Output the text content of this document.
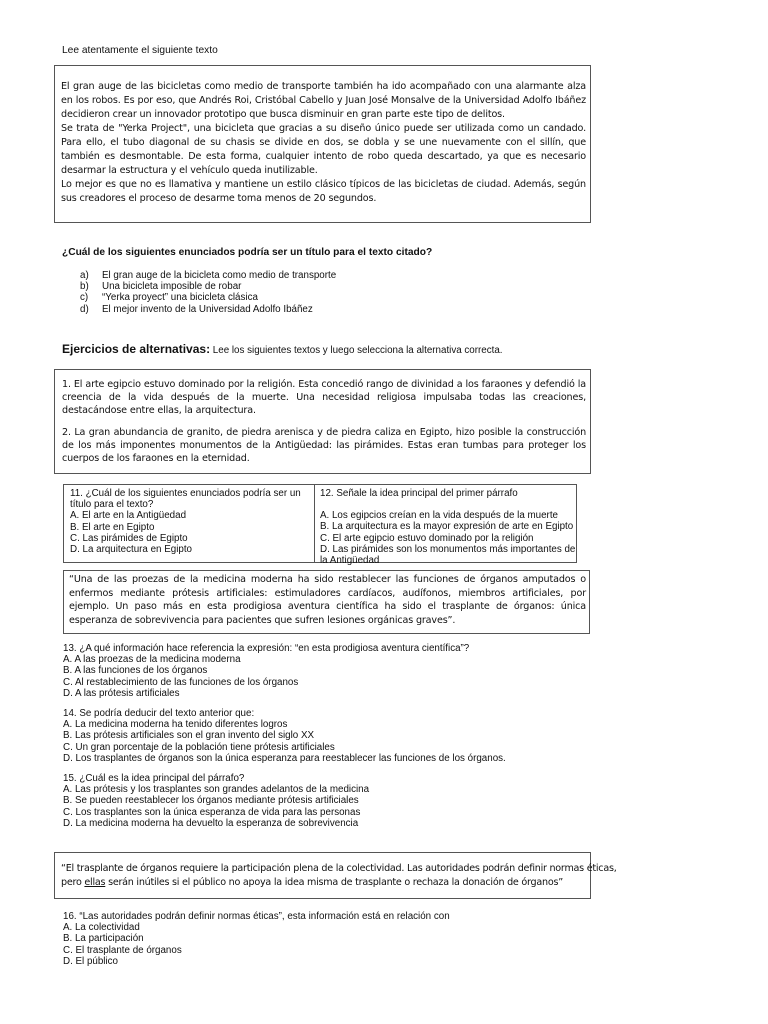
Lee atentamente el siguiente texto

El gran auge de las bicicletas como medio de transporte también ha ido acompañado con una alarmante alza en los robos. Es por eso, que Andrés Roi, Cristóbal Cabello y Juan José Monsalve de la Universidad Adolfo Ibáñez decidieron crear un innovador prototipo que busca disminuir en gran parte este tipo de delitos.

Se trata de "Yerka Project", una bicicleta que gracias a su diseño único puede ser utilizada como un candado. Para ello, el tubo diagonal de su chasis se divide en dos, se dobla y se une nuevamente con el sillín, que también es desmontable. De esta forma, cualquier intento de robo queda descartado, ya que es necesario desarmar la estructura y el vehículo queda inutilizable.

Lo mejor es que no es llamativa y mantiene un estilo clásico típicos de las bicicletas de ciudad. Además, según sus creadores el proceso de desarme toma menos de 20 segundos.

¿Cuál de los siguientes enunciados podría ser un título para el texto citado?
a)	El gran auge de la bicicleta como medio de transporte
b)	Una bicicleta imposible de robar
c)	“Yerka proyect” una bicicleta clásica
d)	El mejor invento de la Universidad Adolfo Ibáñez
Ejercicios de alternativas: Lee los siguientes textos y luego selecciona la alternativa correcta.

1. El arte egipcio estuvo dominado por la religión. Esta concedió rango de divinidad a los faraones y defendió la creencia de la vida después de la muerte. Una necesidad religiosa impulsaba todas las creaciones, destacándose entre ellas, la arquitectura.

2. La gran abundancia de granito, de piedra arenisca y de piedra caliza en Egipto, hizo posible la construcción de los más imponentes monumentos de la Antigüedad: las pirámides. Estas eran tumbas para proteger los cuerpos de los faraones en la eternidad.

11. ¿Cuál de los siguientes enunciados podría ser un
título para el texto?
A. El arte en la Antigüedad
B. El arte en Egipto
C. Las pirámides de Egipto
D. La arquitectura en Egipto
12. Señale la idea principal del primer párrafo
A. Los egipcios creían en la vida después de la muerte
B. La arquitectura es la mayor expresión de arte en Egipto
C. El arte egipcio estuvo dominado por la religión
D. Las pirámides son los monumentos más importantes de
la Antigüedad

“Una de las proezas de la medicina moderna ha sido restablecer las funciones de órganos amputados o enfermos mediante prótesis artificiales: estimuladores cardíacos, audífonos, miembros artificiales, por ejemplo. Un paso más en esta prodigiosa aventura científica ha sido el trasplante de órganos: única esperanza de sobrevivencia para pacientes que sufren lesiones orgánicas graves”.

13. ¿A qué información hace referencia la expresión: “en esta prodigiosa aventura científica”?
A. A las proezas de la medicina moderna
B. A las funciones de los órganos
C. Al restablecimiento de las funciones de los órganos
D. A las prótesis artificiales
14. Se podría deducir del texto anterior que:
A. La medicina moderna ha tenido diferentes logros
B. Las prótesis artificiales son el gran invento del siglo XX
C. Un gran porcentaje de la población tiene prótesis artificiales
D. Los trasplantes de órganos son la única esperanza para reestablecer las funciones de los órganos.
15. ¿Cuál es la idea principal del párrafo?
A. Las prótesis y los trasplantes son grandes adelantos de la medicina
B. Se pueden reestablecer los órganos mediante prótesis artificiales
C. Los trasplantes son la única esperanza de vida para las personas
D. La medicina moderna ha devuelto la esperanza de sobrevivencia
“El trasplante de órganos requiere la participación plena de la colectividad. Las autoridades podrán definir normas éticas,
pero ellas serán inútiles si el público no apoya la idea misma de trasplante o rechaza la donación de órganos”
16. “Las autoridades podrán definir normas éticas”, esta información está en relación con
A. La colectividad
B. La participación
C. El trasplante de órganos
D. El público
